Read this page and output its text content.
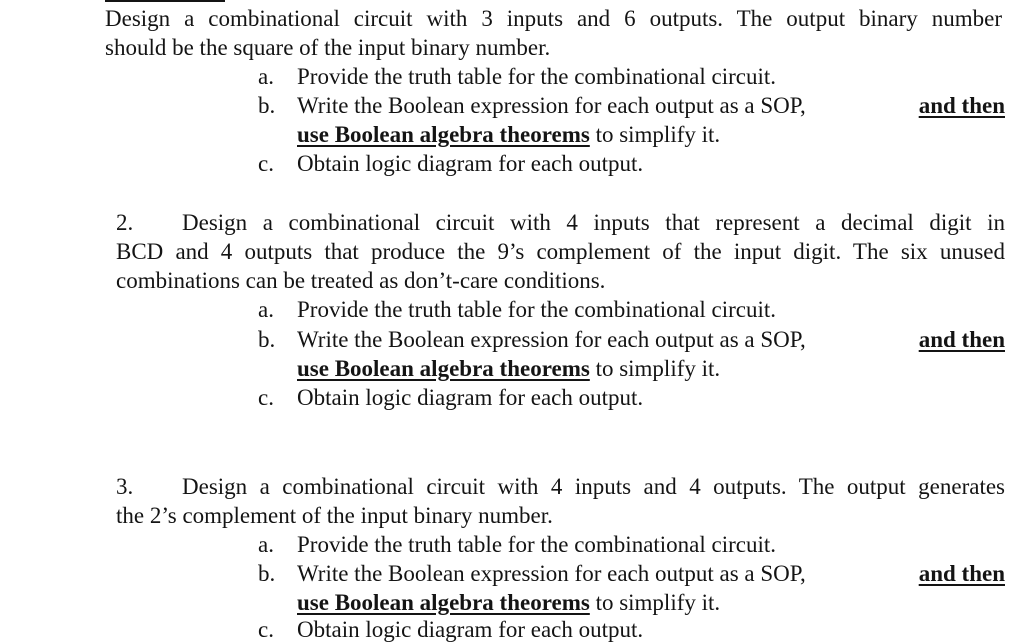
Design a combinational circuit with 3 inputs and 6 outputs. The output binary number
should be the square of the input binary number.
a. Provide the truth table for the combinational circuit.
b. Write the Boolean expression for each output as a SOP,	and then
use Boolean algebra theorems to simplify it.
c. Obtain logic diagram for each output.
2.	Design a combinational circuit with 4 inputs that represent a decimal digit in
BCD and 4 outputs that produce the 9’s complement of the input digit. The six unused
combinations can be treated as don’t-care conditions.
a. Provide the truth table for the combinational circuit.
b. Write the Boolean expression for each output as a SOP,	and then
use Boolean algebra theorems to simplify it.
c. Obtain logic diagram for each output.
3.	Design a combinational circuit with 4 inputs and 4 outputs. The output generates
the 2’s complement of the input binary number.
a. Provide the truth table for the combinational circuit.
b. Write the Boolean expression for each output as a SOP,	and then
use Boolean algebra theorems to simplify it.
c. Obtain logic diagram for each output.
